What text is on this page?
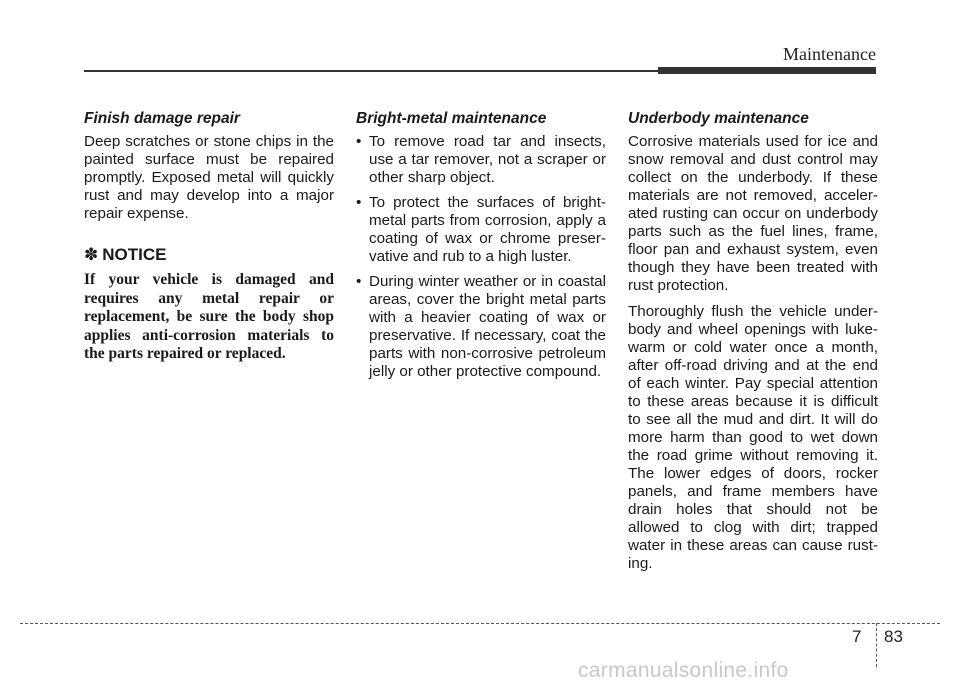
Maintenance
Finish damage repair

Deep scratches or stone chips in the painted surface must be repaired promptly. Exposed metal will quickly rust and may develop into a major repair expense.

✽ NOTICE

If your vehicle is damaged and requires any metal repair or replacement, be sure the body shop applies anti-corrosion materials to the parts repaired or replaced.

Bright-metal maintenance
• To remove road tar and insects, use a tar remover, not a scraper or other sharp object.
• To protect the surfaces of bright-metal parts from corrosion, apply a coating of wax or chrome preser-vative and rub to a high luster.
• During winter weather or in coastal areas, cover the bright metal parts with a heavier coating of wax or preservative. If necessary, coat the parts with non-corrosive petroleum jelly or other protective compound.
Underbody maintenance

Corrosive materials used for ice and snow removal and dust control may collect on the underbody. If these materials are not removed, acceler-ated rusting can occur on underbody parts such as the fuel lines, frame, floor pan and exhaust system, even though they have been treated with rust protection.

Thoroughly flush the vehicle under-body and wheel openings with luke-warm or cold water once a month, after off-road driving and at the end of each winter. Pay special attention to these areas because it is difficult to see all the mud and dirt. It will do more harm than good to wet down the road grime without removing it. The lower edges of doors, rocker panels, and frame members have drain holes that should not be allowed to clog with dirt; trapped water in these areas can cause rust-ing.

7 83
carmanualsonline.info
